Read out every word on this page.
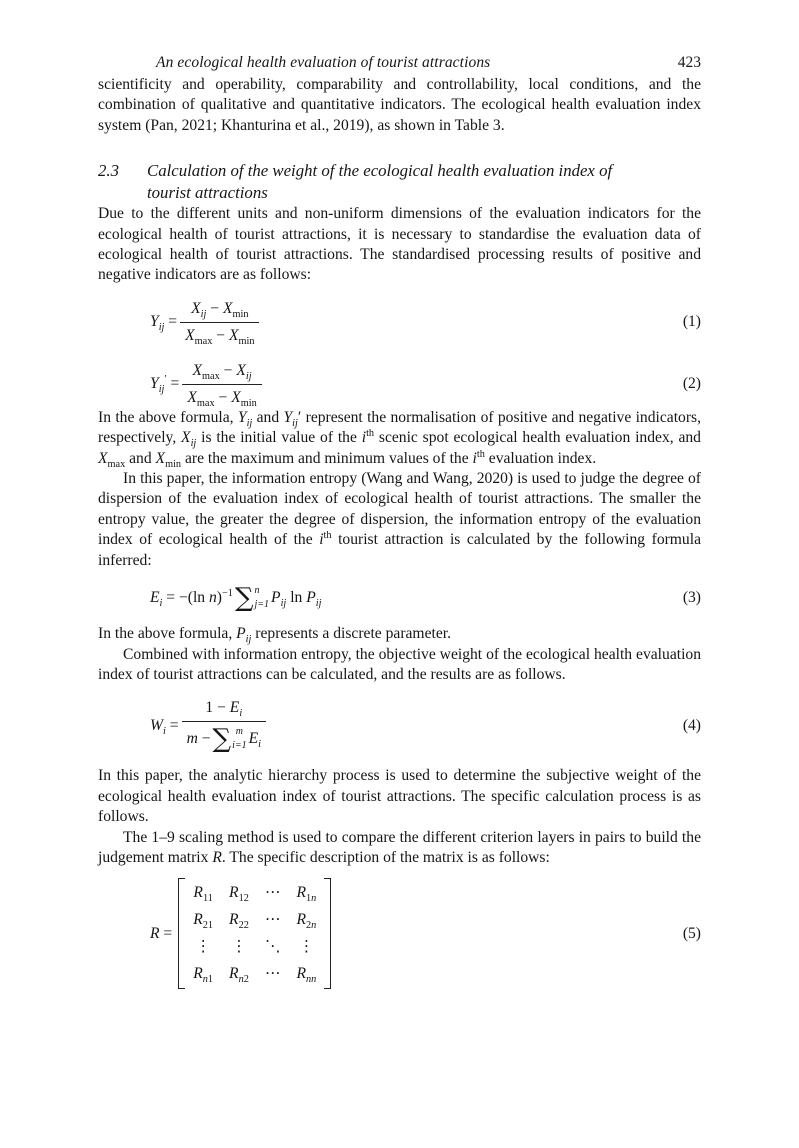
An ecological health evaluation of tourist attractions	423

scientificity and operability, comparability and controllability, local conditions, and the combination of qualitative and quantitative indicators. The ecological health evaluation index system (Pan, 2021; Khanturina et al., 2019), as shown in Table 3.

2.3	Calculation of the weight of the ecological health evaluation index of
tourist attractions

Due to the different units and non-uniform dimensions of the evaluation indicators for the ecological health of tourist attractions, it is necessary to standardise the evaluation data of ecological health of tourist attractions. The standardised processing results of positive and negative indicators are as follows:

$Y_{ij} = \frac{X_{ij} - X_{min}}{X_{max} - X_{min}}$	(1)
$Y_{ij}' = \frac{X_{max} - X_{ij}}{X_{max} - X_{min}}$	(2)

In the above formula, $Y_{ij}$ and $Y_{ij}'$ represent the normalisation of positive and negative indicators, respectively, $X_{ij}$ is the initial value of the $i^{th}$ scenic spot ecological health evaluation index, and $X_{max}$ and $X_{min}$ are the maximum and minimum values of the $i^{th}$ evaluation index.

In this paper, the information entropy (Wang and Wang, 2020) is used to judge the degree of dispersion of the evaluation index of ecological health of tourist attractions. The smaller the entropy value, the greater the degree of dispersion, the information entropy of the evaluation index of ecological health of the $i^{th}$ tourist attraction is calculated by the following formula inferred:

$E_i = -(\ln$ n)$^{-1}$ ∑ n
j=1 $P_{ij}$ $\ln P_{ij}$	(3)

In the above formula, $P_{ij}$ represents a discrete parameter.

Combined with information entropy, the objective weight of the ecological health evaluation index of tourist attractions can be calculated, and the results are as follows.

$W_i$ =
$1 - E_i$
m − ∑ m
i=1 $E_i$
(4)

In this paper, the analytic hierarchy process is used to determine the subjective weight of the ecological health evaluation index of tourist attractions. The specific calculation process is as follows.

The 1–9 scaling method is used to compare the different criterion layers in pairs to build the judgement matrix R. The specific description of the matrix is as follows:

R =
$R_{11}$ $R_{12}$ ⋯ $R_{1n}$
$R_{21}$ $R_{22}$ ⋯ $R_{2n}$
⋮ ⋮ ⋱ ⋮
$R_{n1}$ $R_{n2}$ ⋯ $R_{nn}$
(5)
